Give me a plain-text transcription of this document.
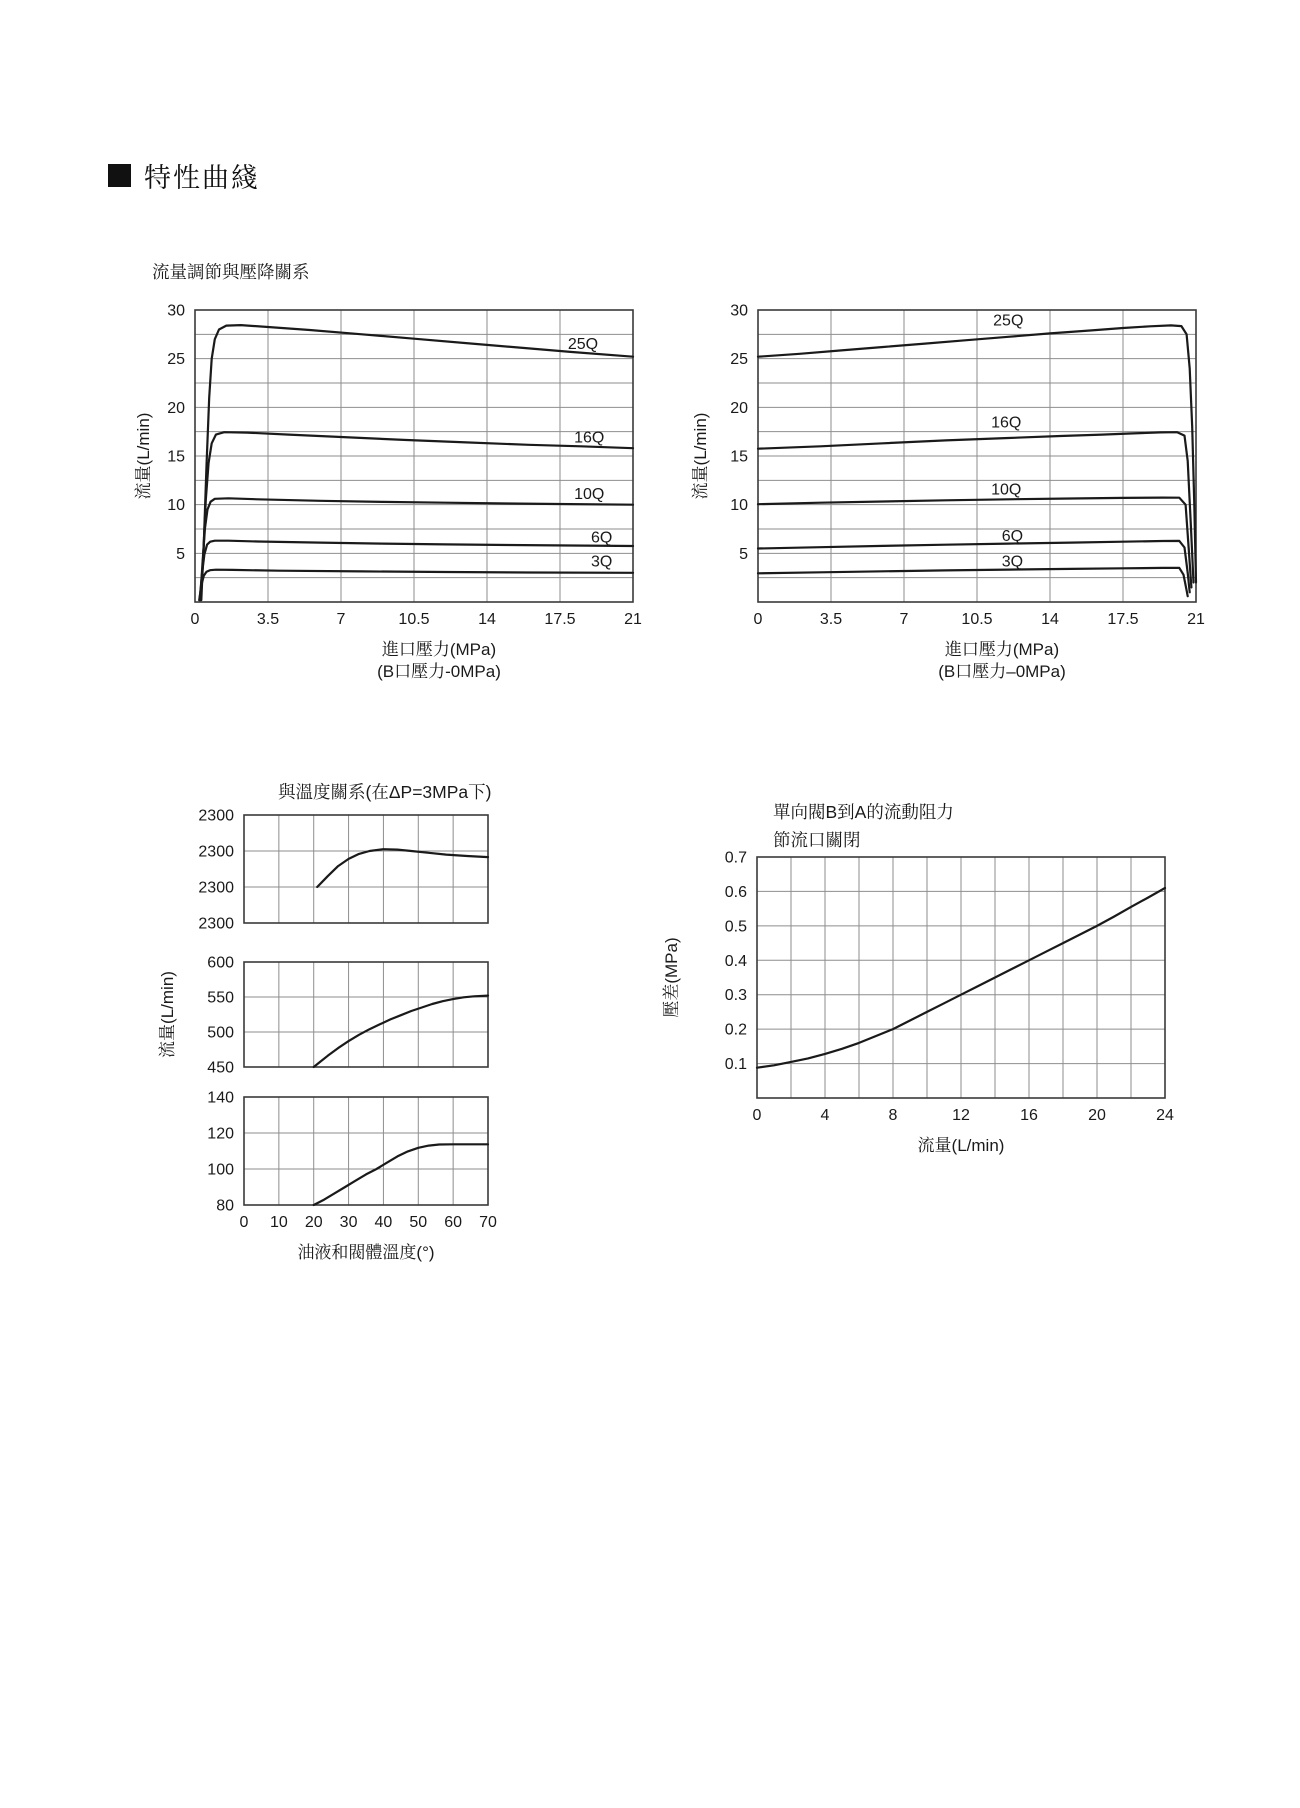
特性曲綫
0	3.5	7	10.5	14	17.5	21
5
10
15
20
25
30
25Q
16Q
10Q
6Q
3Q
流量調節與壓降關系
進口壓力(MPa)
(B口壓力-0MPa)
流量(L/min)
0	3.5	7	10.5	14	17.5	21
5
10
15
20
25
30
25Q
16Q
10Q
6Q
3Q
進口壓力(MPa)
(B口壓力–0MPa)
流量(L/min)
2300
2300
2300
2300
與溫度關系(在ΔP=3MPa下)
450
500
550
600
流量(L/min)
0 10 20 30 40 50 60 70
80
100
120
140
油液和閥體溫度(°)
0	4	8	12	16	20	24
0.1
0.2
0.3
0.4
0.5
0.6
0.7
單向閥B到A的流動阻力
節流口關閉
流量(L/min)
壓差(MPa)
